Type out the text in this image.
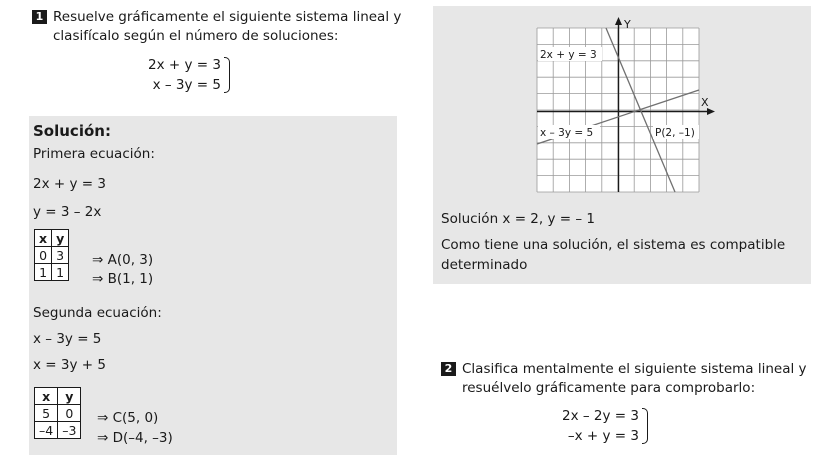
1 Resuelve gráficamente el siguiente sistema lineal y
clasifícalo según el número de soluciones:
2x + y = 3
x – 3y = 5
Solución:
Primera ecuación:
2x + y = 3
y = 3 – 2x
x	y
0	3
1	1
⇒ A(0, 3)
⇒ B(1, 1)
Segunda ecuación:
x – 3y = 5
x = 3y + 5
x	y
5	0
–4	–3
⇒ C(5, 0)
⇒ D(–4, –3)
2x + y = 3
x – 3y = 5	P(2, –1)
X
Y
Solución x = 2, y = – 1
Como tiene una solución, el sistema es compatible
determinado
2 Clasifica mentalmente el siguiente sistema lineal y
resuélvelo gráficamente para comprobarlo:
2x – 2y = 3
–x + y = 3
